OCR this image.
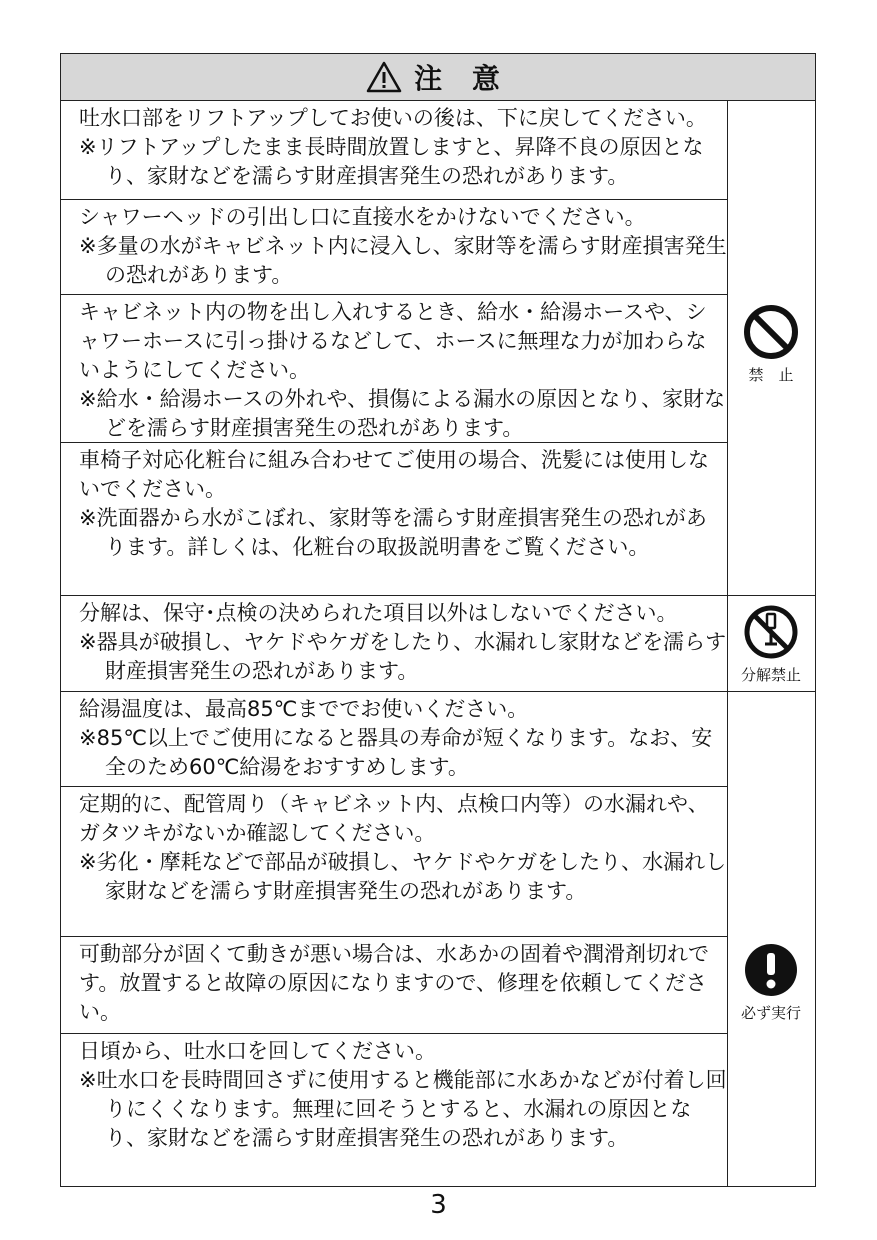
注 意

吐水口部をリフトアップしてお使いの後は、下に戻してください。

※リフトアップしたまま長時間放置しますと、昇降不良の原因となり、家財などを濡らす財産損害発生の恐れがあります。

シャワーヘッドの引出し口に直接水をかけないでください。

※多量の水がキャビネット内に浸入し、家財等を濡らす財産損害発生の恐れがあります。

キャビネット内の物を出し入れするとき、給水・給湯ホースや、シャワーホースに引っ掛けるなどして、ホースに無理な力が加わらないようにしてください。

※給水・給湯ホースの外れや、損傷による漏水の原因となり、家財などを濡らす財産損害発生の恐れがあります。

車椅子対応化粧台に組み合わせてご使用の場合、洗髪には使用しないでください。

※洗面器から水がこぼれ、家財等を濡らす財産損害発生の恐れがあります。詳しくは、化粧台の取扱説明書をご覧ください。

分解は、保守･点検の決められた項目以外はしないでください。

※器具が破損し、ヤケドやケガをしたり、水漏れし家財などを濡らす財産損害発生の恐れがあります。

給湯温度は、最高85℃まででお使いください。

※85℃以上でご使用になると器具の寿命が短くなります。なお、安全のため60℃給湯をおすすめします。

定期的に、配管周り（キャビネット内、点検口内等）の水漏れや、ガタツキがないか確認してください。

※劣化・摩耗などで部品が破損し、ヤケドやケガをしたり、水漏れし家財などを濡らす財産損害発生の恐れがあります。

可動部分が固くて動きが悪い場合は、水あかの固着や潤滑剤切れです。放置すると故障の原因になりますので、修理を依頼してください。

日頃から、吐水口を回してください。

※吐水口を長時間回さずに使用すると機能部に水あかなどが付着し回りにくくなります。無理に回そうとすると、水漏れの原因となり、家財などを濡らす財産損害発生の恐れがあります。

禁　止
分解禁止
必ず実行
3
